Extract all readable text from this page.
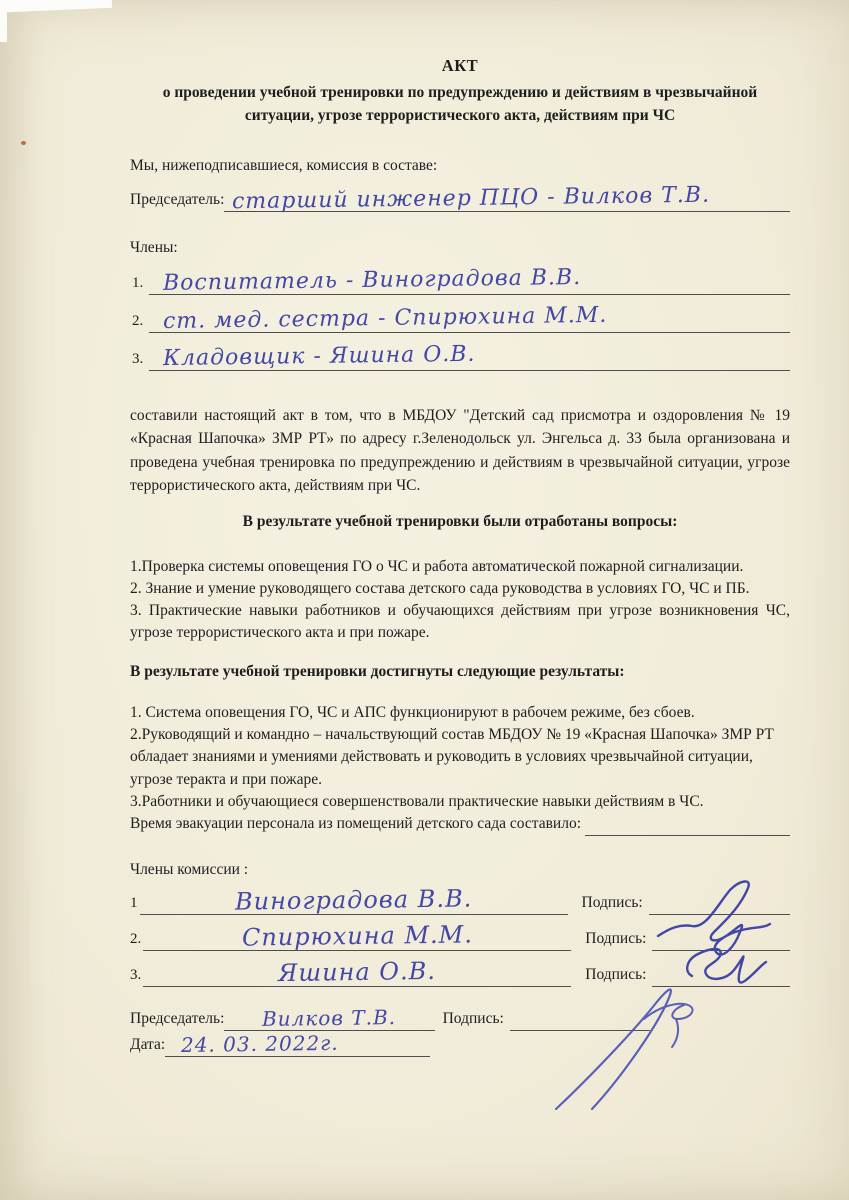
АКТ
о проведении учебной тренировки по предупреждению и действиям в чрезвычайной ситуации, угрозе террористического акта, действиям при ЧС
Мы, нижеподписавшиеся, комиссия в составе:
Председатель: старший инженер ПЦО - Вилков Т.В.
Члены:
1. Воспитатель - Виноградова В.В.
2. ст. мед. сестра - Спирюхина М.М.
3. Кладовщик - Яшина О.В.
составили настоящий акт в том, что в МБДОУ "Детский сад присмотра и оздоровления № 19 «Красная Шапочка» ЗМР РТ» по адресу г.Зеленодольск ул. Энгельса д. 33 была организована и проведена учебная тренировка по предупреждению и действиям в чрезвычайной ситуации, угрозе террористического акта, действиям при ЧС.
В результате учебной тренировки были отработаны вопросы:
1.Проверка системы оповещения ГО о ЧС и работа автоматической пожарной сигнализации.
2. Знание и умение руководящего состава детского сада руководства в условиях ГО, ЧС и ПБ.
3. Практические навыки работников и обучающихся действиям при угрозе возникновения ЧС, угрозе террористического акта и при пожаре.
В результате учебной тренировки достигнуты следующие результаты:
1. Система оповещения ГО, ЧС и АПС функционируют в рабочем режиме, без сбоев.
2.Руководящий и командно – начальствующий состав МБДОУ № 19 «Красная Шапочка» ЗМР РТ обладает знаниями и умениями действовать и руководить в условиях чрезвычайной ситуации, угрозе теракта и при пожаре.
3.Работники и обучающиеся совершенствовали практические навыки действиям в ЧС.
Время эвакуации персонала из помещений детского сада составило:
Члены комиссии :
1	Виноградова В.В.	Подпись:
2.	Спирюхина М.М.	Подпись:
3.	Яшина О.В.	Подпись:
Председатель:	Вилков Т.В.	Подпись:
Дата: 24. 03. 2022г.
